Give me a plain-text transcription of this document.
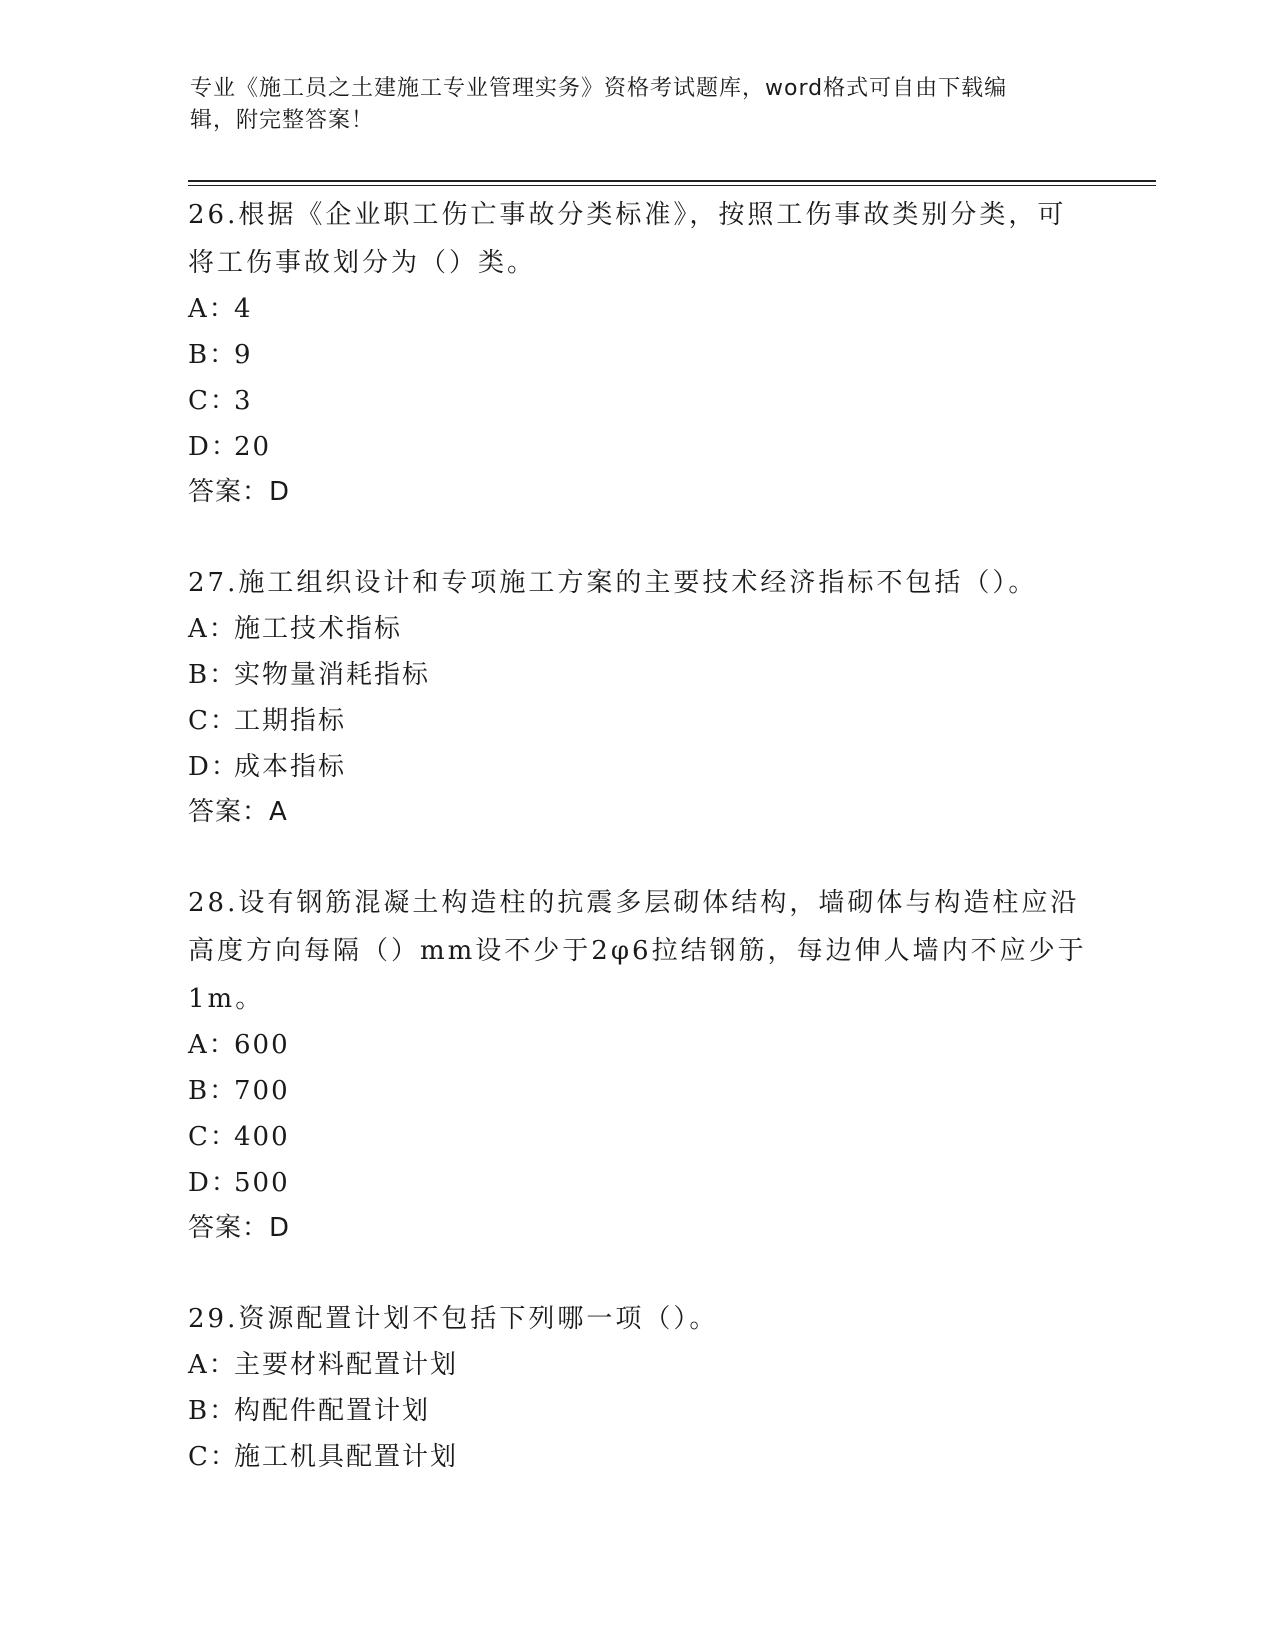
专业《施工员之土建施工专业管理实务》资格考试题库，word格式可自由下载编
辑，附完整答案！

26.根据《企业职工伤亡事故分类标准》，按照工伤事故类别分类，可

将工伤事故划分为（）类。

A：4

B：9

C：3

D：20

答案：D

27.施工组织设计和专项施工方案的主要技术经济指标不包括（）。

A：施工技术指标

B：实物量消耗指标

C：工期指标

D：成本指标

答案：A

28.设有钢筋混凝土构造柱的抗震多层砌体结构，墙砌体与构造柱应沿

高度方向每隔（）mm设不少于2φ6拉结钢筋，每边伸人墙内不应少于

1m。

A：600

B：700

C：400

D：500

答案：D

29.资源配置计划不包括下列哪一项（）。

A：主要材料配置计划

B：构配件配置计划

C：施工机具配置计划
